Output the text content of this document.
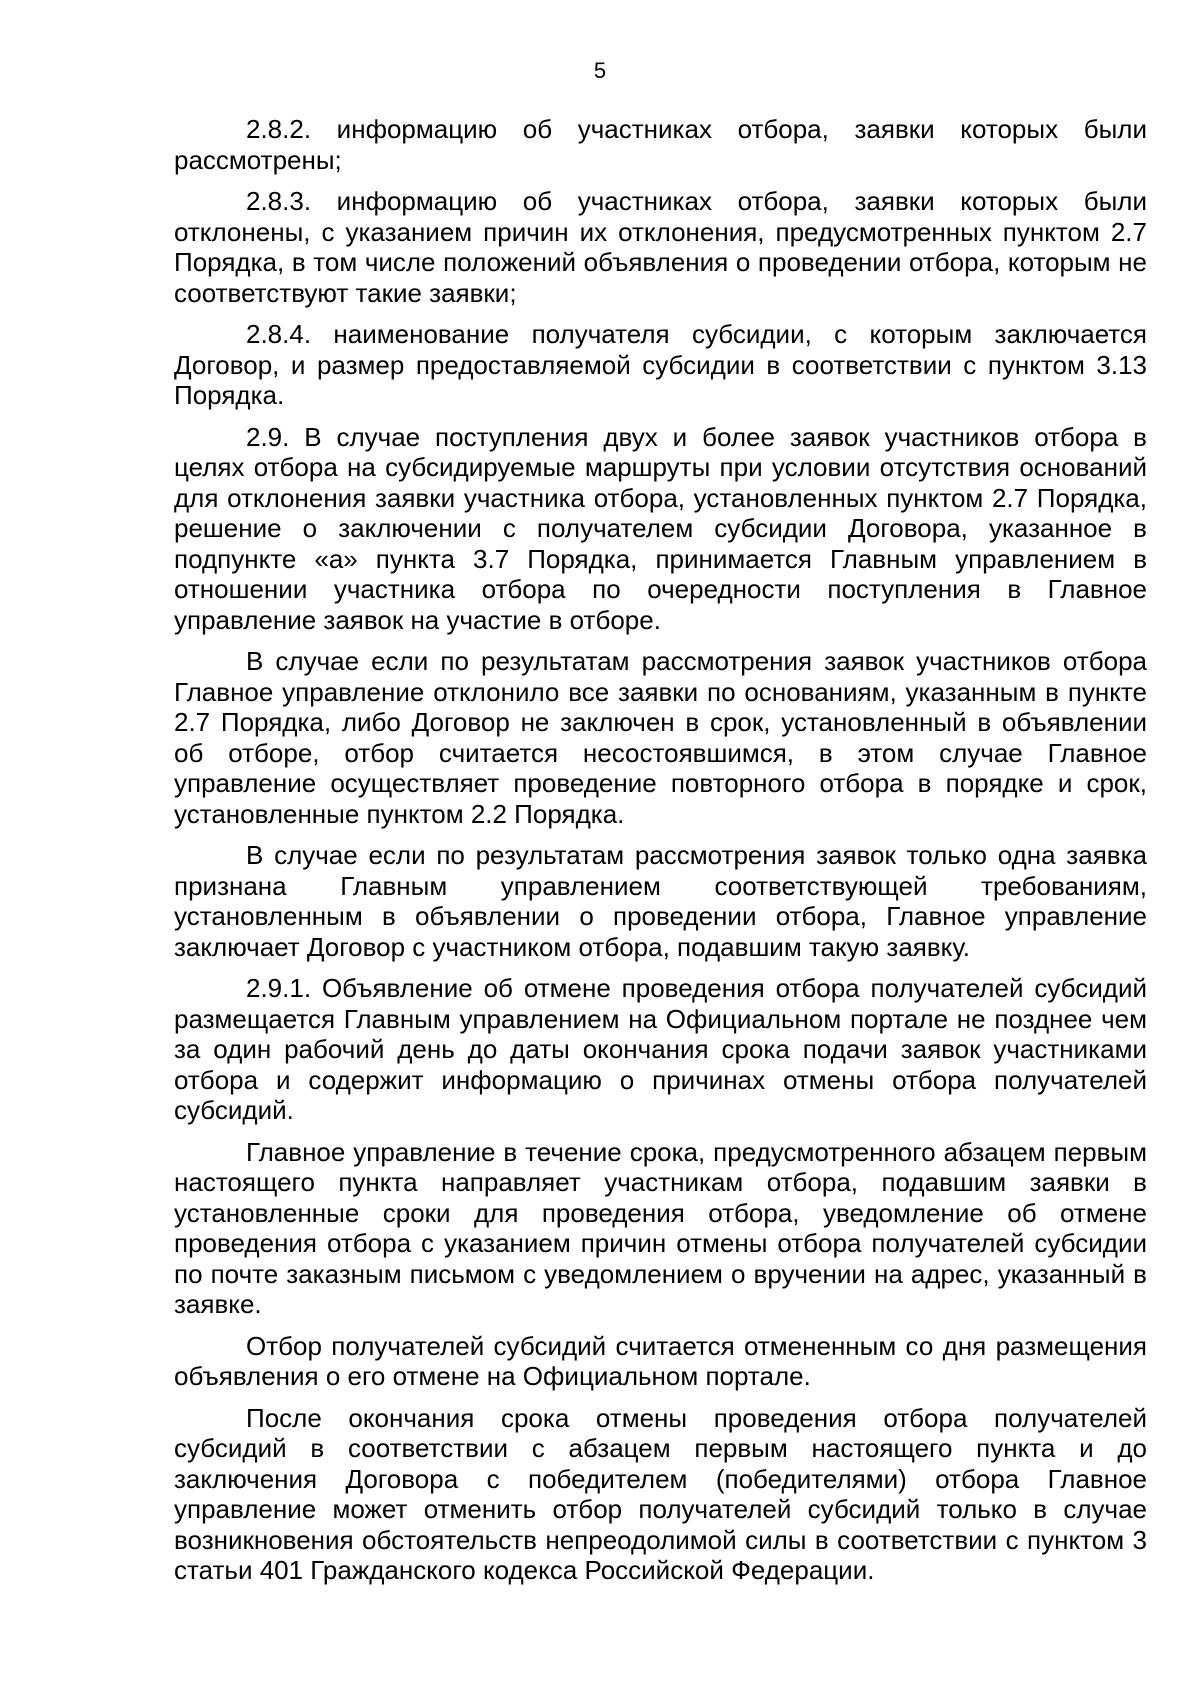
5

2.8.2. информацию об участниках отбора, заявки которых были рассмотрены;

2.8.3. информацию об участниках отбора, заявки которых были отклонены, с указанием причин их отклонения, предусмотренных пунктом 2.7 Порядка, в том числе положений объявления о проведении отбора, которым не соответствуют такие заявки;

2.8.4. наименование получателя субсидии, с которым заключается Договор, и размер предоставляемой субсидии в соответствии с пунктом 3.13 Порядка.

2.9. В случае поступления двух и более заявок участников отбора в целях отбора на субсидируемые маршруты при условии отсутствия оснований для отклонения заявки участника отбора, установленных пунктом 2.7 Порядка, решение о заключении с получателем субсидии Договора, указанное в подпункте «а» пункта 3.7 Порядка, принимается Главным управлением в отношении участника отбора по очередности поступления в Главное управление заявок на участие в отборе.

В случае если по результатам рассмотрения заявок участников отбора Главное управление отклонило все заявки по основаниям, указанным в пункте 2.7 Порядка, либо Договор не заключен в срок, установленный в объявлении об отборе, отбор считается несостоявшимся, в этом случае Главное управление осуществляет проведение повторного отбора в порядке и срок, установленные пунктом 2.2 Порядка.

В случае если по результатам рассмотрения заявок только одна заявка признана Главным управлением соответствующей требованиям, установленным в объявлении о проведении отбора, Главное управление заключает Договор с участником отбора, подавшим такую заявку.

2.9.1. Объявление об отмене проведения отбора получателей субсидий размещается Главным управлением на Официальном портале не позднее чем за один рабочий день до даты окончания срока подачи заявок участниками отбора и содержит информацию о причинах отмены отбора получателей субсидий.

Главное управление в течение срока, предусмотренного абзацем первым настоящего пункта направляет участникам отбора, подавшим заявки в установленные сроки для проведения отбора, уведомление об отмене проведения отбора с указанием причин отмены отбора получателей субсидии по почте заказным письмом с уведомлением о вручении на адрес, указанный в заявке.

Отбор получателей субсидий считается отмененным со дня размещения объявления о его отмене на Официальном портале.

После окончания срока отмены проведения отбора получателей субсидий в соответствии с абзацем первым настоящего пункта и до заключения Договора с победителем (победителями) отбора Главное управление может отменить отбор получателей субсидий только в случае возникновения обстоятельств непреодолимой силы в соответствии с пунктом 3 статьи 401 Гражданского кодекса Российской Федерации.
